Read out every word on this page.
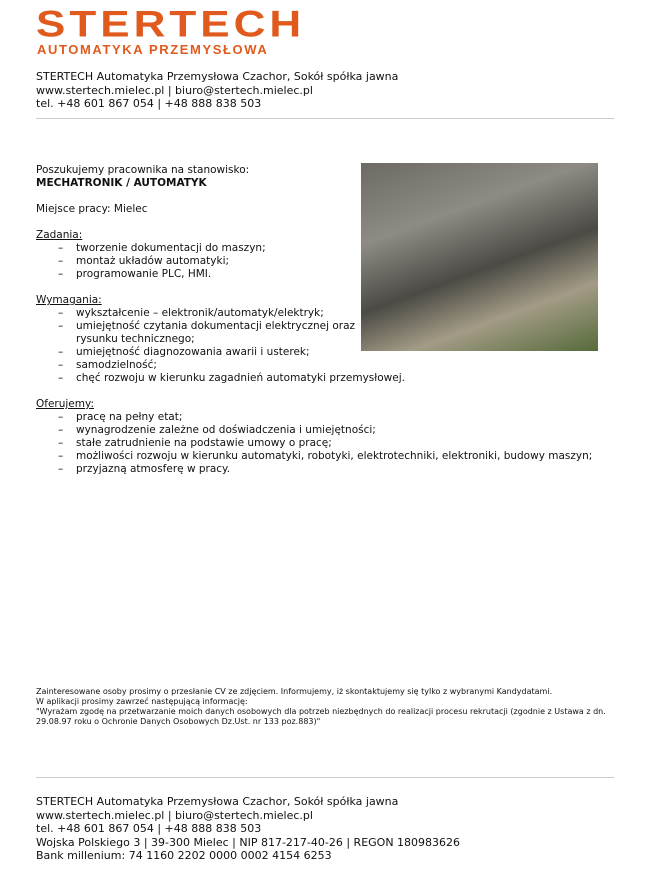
STERTECH
AUTOMATYKA PRZEMYSŁOWA
STERTECH Automatyka Przemysłowa Czachor, Sokół spółka jawna
www.stertech.mielec.pl | biuro@stertech.mielec.pl
tel. +48 601 867 054 | +48 888 838 503

Poszukujemy pracownika na stanowisko:

MECHATRONIK / AUTOMATYK

Miejsce pracy: Mielec

Zadania:

– tworzenie dokumentacji do maszyn;
– montaż układów automatyki;
– programowanie PLC, HMI.

Wymagania:

– wykształcenie – elektronik/automatyk/elektryk;
– umiejętność czytania dokumentacji elektrycznej oraz rysunku technicznego;
– umiejętność diagnozowania awarii i usterek;
– samodzielność;
– chęć rozwoju w kierunku zagadnień automatyki przemysłowej.

Oferujemy:

– pracę na pełny etat;
– wynagrodzenie zależne od doświadczenia i umiejętności;
– stałe zatrudnienie na podstawie umowy o pracę;
– możliwości rozwoju w kierunku automatyki, robotyki, elektrotechniki, elektroniki, budowy maszyn;
– przyjazną atmosferę w pracy.
Zainteresowane osoby prosimy o przesłanie CV ze zdjęciem. Informujemy, iż skontaktujemy się tylko z wybranymi Kandydatami.
W aplikacji prosimy zawrzeć następującą informację:
"Wyrażam zgodę na przetwarzanie moich danych osobowych dla potrzeb niezbędnych do realizacji procesu rekrutacji (zgodnie z Ustawa z dn. 29.08.97 roku o Ochronie Danych Osobowych Dz.Ust. nr 133 poz.883)"
STERTECH Automatyka Przemysłowa Czachor, Sokół spółka jawna
www.stertech.mielec.pl | biuro@stertech.mielec.pl
tel. +48 601 867 054 | +48 888 838 503
Wojska Polskiego 3 | 39-300 Mielec | NIP 817-217-40-26 | REGON 180983626
Bank millenium: 74 1160 2202 0000 0002 4154 6253
